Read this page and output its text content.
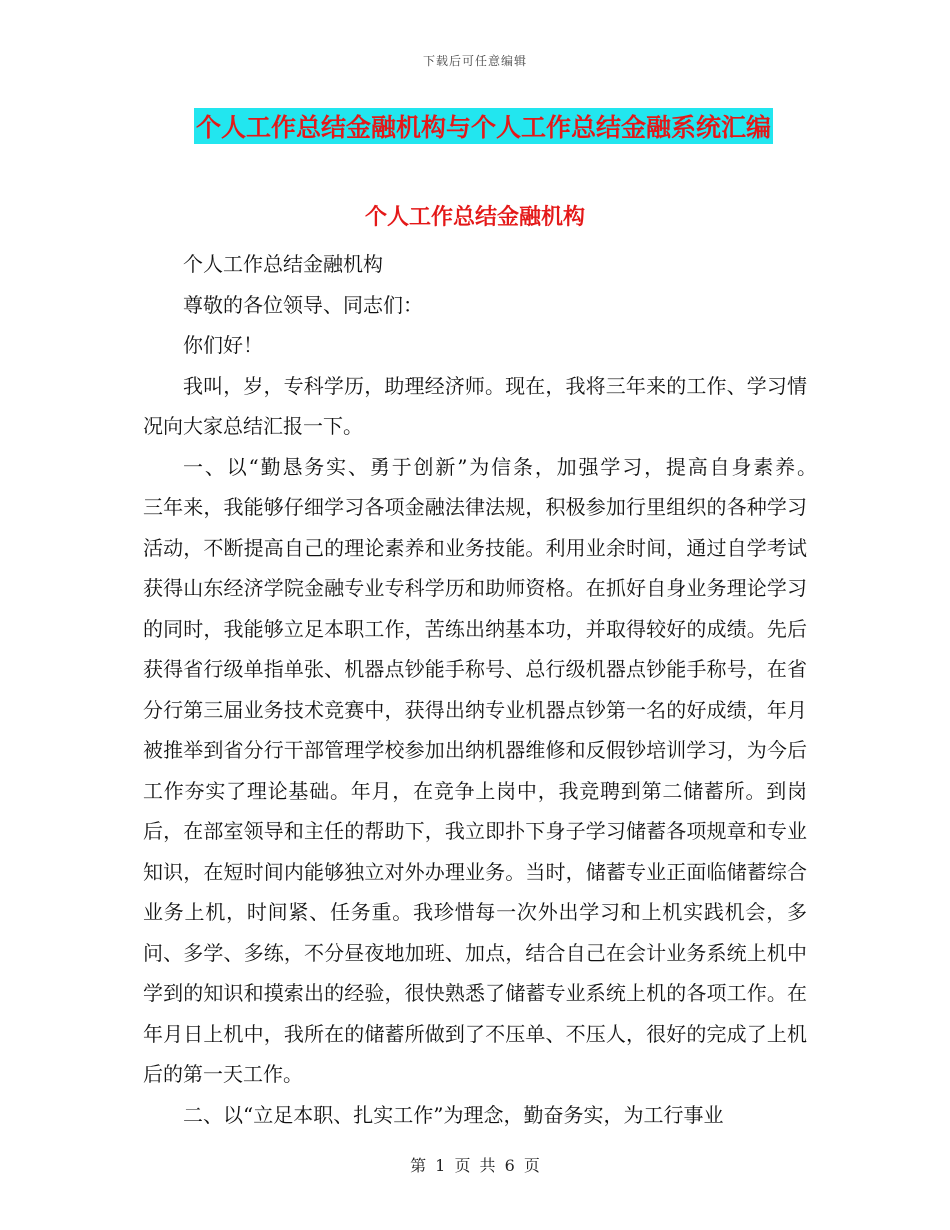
下载后可任意编辑
个人工作总结金融机构与个人工作总结金融系统汇编
个人工作总结金融机构

个人工作总结金融机构

尊敬的各位领导、同志们：

你们好！

我叫，岁，专科学历，助理经济师。现在，我将三年来的工作、学习情况向大家总结汇报一下。

一、以“勤恳务实、勇于创新”为信条，加强学习，提高自身素养。　　三年来，我能够仔细学习各项金融法律法规，积极参加行里组织的各种学习活动，不断提高自己的理论素养和业务技能。利用业余时间，通过自学考试获得山东经济学院金融专业专科学历和助师资格。在抓好自身业务理论学习的同时，我能够立足本职工作，苦练出纳基本功，并取得较好的成绩。先后获得省行级单指单张、机器点钞能手称号、总行级机器点钞能手称号，在省分行第三届业务技术竞赛中，获得出纳专业机器点钞第一名的好成绩，年月被推举到省分行干部管理学校参加出纳机器维修和反假钞培训学习，为今后工作夯实了理论基础。年月，在竞争上岗中，我竞聘到第二储蓄所。到岗后，在部室领导和主任的帮助下，我立即扑下身子学习储蓄各项规章和专业知识，在短时间内能够独立对外办理业务。当时，储蓄专业正面临储蓄综合业务上机，时间紧、任务重。我珍惜每一次外出学习和上机实践机会，多问、多学、多练，不分昼夜地加班、加点，结合自己在会计业务系统上机中学到的知识和摸索出的经验，很快熟悉了储蓄专业系统上机的各项工作。在年月日上机中，我所在的储蓄所做到了不压单、不压人，很好的完成了上机后的第一天工作。

二、以“立足本职、扎实工作”为理念，勤奋务实，为工行事业

第 1 页 共 6 页
